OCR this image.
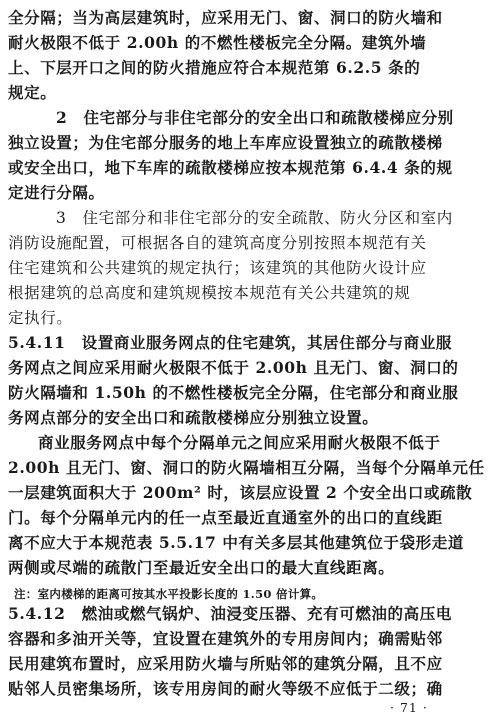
全分隔；当为高层建筑时，应采用无门、窗、洞口的防火墙和
耐火极限不低于 2.00h 的不燃性楼板完全分隔。建筑外墙
上、下层开口之间的防火措施应符合本规范第 6.2.5 条的
规定。
2　住宅部分与非住宅部分的安全出口和疏散楼梯应分别
独立设置；为住宅部分服务的地上车库应设置独立的疏散楼梯
或安全出口，地下车库的疏散楼梯应按本规范第 6.4.4 条的规
定进行分隔。
3　住宅部分和非住宅部分的安全疏散、防火分区和室内
消防设施配置，可根据各自的建筑高度分别按照本规范有关
住宅建筑和公共建筑的规定执行；该建筑的其他防火设计应
根据建筑的总高度和建筑规模按本规范有关公共建筑的规
定执行。
5.4.11　设置商业服务网点的住宅建筑，其居住部分与商业服
务网点之间应采用耐火极限不低于 2.00h 且无门、窗、洞口的
防火隔墙和 1.50h 的不燃性楼板完全分隔，住宅部分和商业服
务网点部分的安全出口和疏散楼梯应分别独立设置。
商业服务网点中每个分隔单元之间应采用耐火极限不低于
2.00h 且无门、窗、洞口的防火隔墙相互分隔，当每个分隔单元任
一层建筑面积大于 200m² 时，该层应设置 2 个安全出口或疏散
门。每个分隔单元内的任一点至最近直通室外的出口的直线距
离不应大于本规范表 5.5.17 中有关多层其他建筑位于袋形走道
两侧或尽端的疏散门至最近安全出口的最大直线距离。
注：室内楼梯的距离可按其水平投影长度的 1.50 倍计算。
5.4.12　燃油或燃气锅炉、油浸变压器、充有可燃油的高压电
容器和多油开关等，宜设置在建筑外的专用房间内；确需贴邻
民用建筑布置时，应采用防火墙与所贴邻的建筑分隔，且不应
贴邻人员密集场所，该专用房间的耐火等级不应低于二级；确
· 71 ·
